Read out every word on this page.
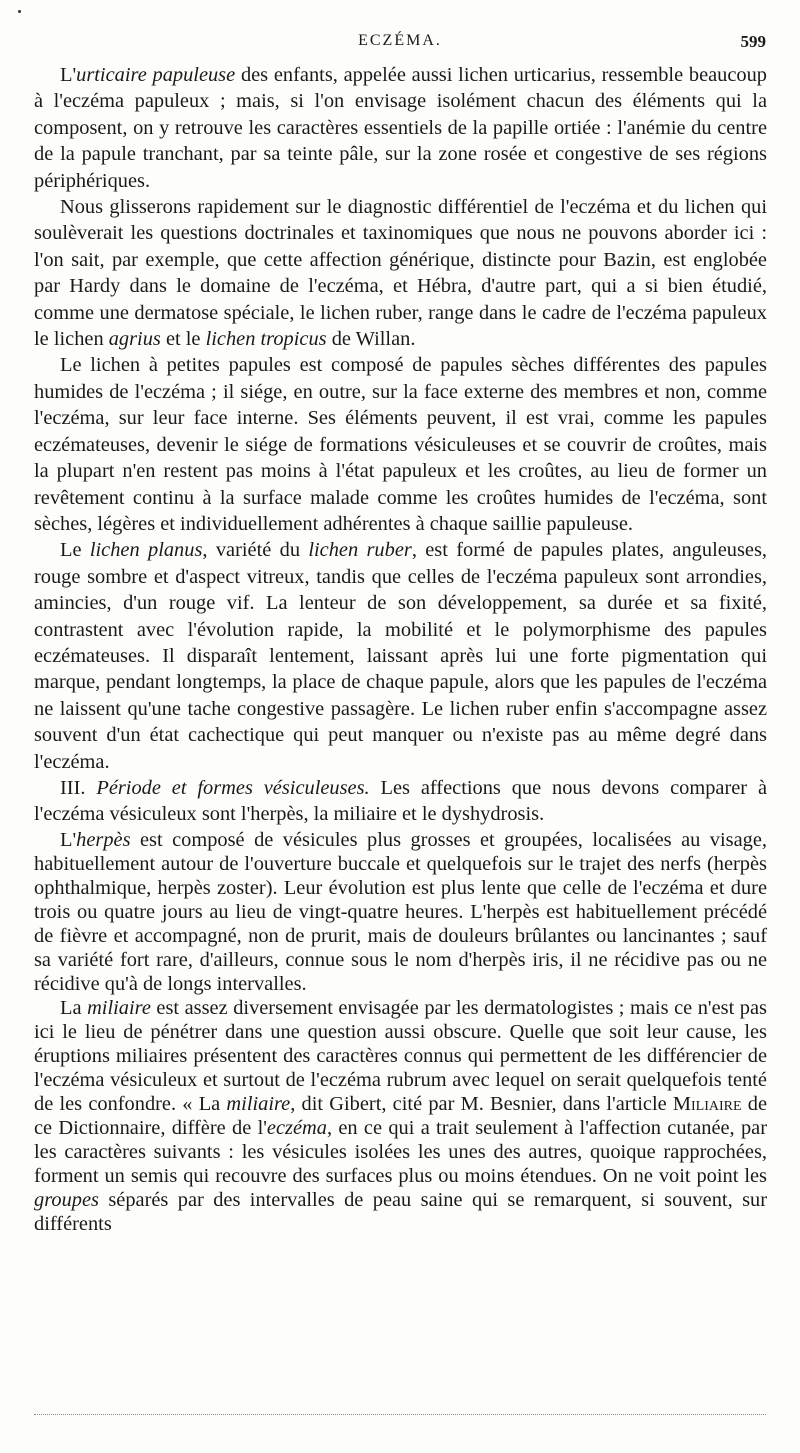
ECZÉMA.	599

L'urticaire papuleuse des enfants, appelée aussi lichen urticarius, ressemble beaucoup à l'eczéma papuleux ; mais, si l'on envisage isolément chacun des éléments qui la composent, on y retrouve les caractères essentiels de la papille ortiée : l'anémie du centre de la papule tranchant, par sa teinte pâle, sur la zone rosée et congestive de ses régions périphériques.

Nous glisserons rapidement sur le diagnostic différentiel de l'eczéma et du lichen qui soulèverait les questions doctrinales et taxinomiques que nous ne pouvons aborder ici : l'on sait, par exemple, que cette affection générique, distincte pour Bazin, est englobée par Hardy dans le domaine de l'eczéma, et Hébra, d'autre part, qui a si bien étudié, comme une dermatose spéciale, le lichen ruber, range dans le cadre de l'eczéma papuleux le lichen agrius et le lichen tropicus de Willan.

Le lichen à petites papules est composé de papules sèches différentes des papules humides de l'eczéma ; il siége, en outre, sur la face externe des membres et non, comme l'eczéma, sur leur face interne. Ses éléments peuvent, il est vrai, comme les papules eczémateuses, devenir le siége de formations vésiculeuses et se couvrir de croûtes, mais la plupart n'en restent pas moins à l'état papuleux et les croûtes, au lieu de former un revêtement continu à la surface malade comme les croûtes humides de l'eczéma, sont sèches, légères et individuellement adhérentes à chaque saillie papuleuse.

Le lichen planus, variété du lichen ruber, est formé de papules plates, anguleuses, rouge sombre et d'aspect vitreux, tandis que celles de l'eczéma papuleux sont arrondies, amincies, d'un rouge vif. La lenteur de son développement, sa durée et sa fixité, contrastent avec l'évolution rapide, la mobilité et le polymorphisme des papules eczémateuses. Il disparaît lentement, laissant après lui une forte pigmentation qui marque, pendant longtemps, la place de chaque papule, alors que les papules de l'eczéma ne laissent qu'une tache congestive passagère. Le lichen ruber enfin s'accompagne assez souvent d'un état cachectique qui peut manquer ou n'existe pas au même degré dans l'eczéma.

III. Période et formes vésiculeuses. Les affections que nous devons comparer à l'eczéma vésiculeux sont l'herpès, la miliaire et le dyshydrosis.

L'herpès est composé de vésicules plus grosses et groupées, localisées au visage, habituellement autour de l'ouverture buccale et quelquefois sur le trajet des nerfs (herpès ophthalmique, herpès zoster). Leur évolution est plus lente que celle de l'eczéma et dure trois ou quatre jours au lieu de vingt-quatre heures. L'herpès est habituellement précédé de fièvre et accompagné, non de prurit, mais de douleurs brûlantes ou lancinantes ; sauf sa variété fort rare, d'ailleurs, connue sous le nom d'herpès iris, il ne récidive pas ou ne récidive qu'à de longs intervalles.

La miliaire est assez diversement envisagée par les dermatologistes ; mais ce n'est pas ici le lieu de pénétrer dans une question aussi obscure. Quelle que soit leur cause, les éruptions miliaires présentent des caractères connus qui permettent de les différencier de l'eczéma vésiculeux et surtout de l'eczéma rubrum avec lequel on serait quelquefois tenté de les confondre. « La miliaire, dit Gibert, cité par M. Besnier, dans l'article Miliaire de ce Dictionnaire, diffère de l'eczéma, en ce qui a trait seulement à l'affection cutanée, par les caractères suivants : les vésicules isolées les unes des autres, quoique rapprochées, forment un semis qui recouvre des surfaces plus ou moins étendues. On ne voit point les groupes séparés par des intervalles de peau saine qui se remarquent, si souvent, sur différents
